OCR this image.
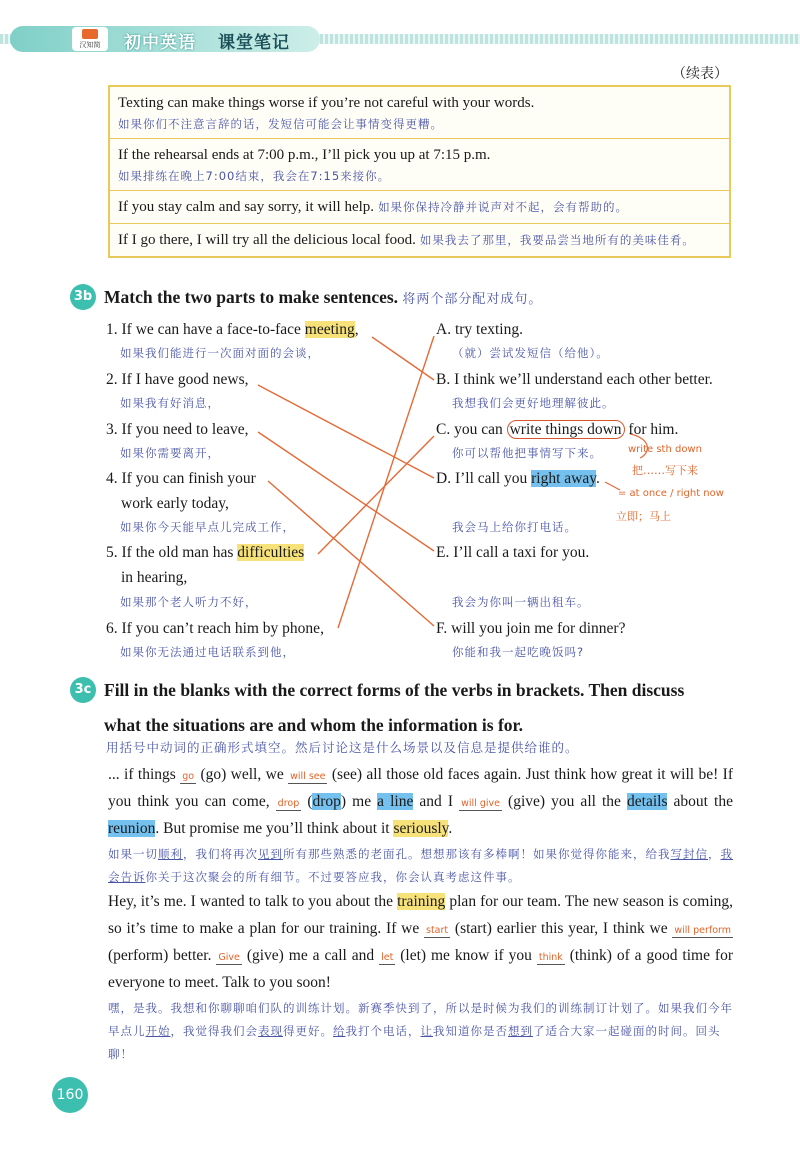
汉知简	初中英语 课堂笔记
（续表）
Texting can make things worse if you’re not careful with your words.
如果你们不注意言辞的话，发短信可能会让事情变得更糟。
If the rehearsal ends at 7:00 p.m., I’ll pick you up at 7:15 p.m.
如果排练在晚上7:00结束，我会在7:15来接你。
If you stay calm and say sorry, it will help. 如果你保持冷静并说声对不起，会有帮助的。
If I go there, I will try all the delicious local food. 如果我去了那里，我要品尝当地所有的美味佳肴。
3b Match the two parts to make sentences. 将两个部分配对成句。
1. If we can have a face-to-face meeting,
如果我们能进行一次面对面的会谈，
2. If I have good news,
如果我有好消息，
3. If you need to leave,
如果你需要离开，
4. If you can finish your
work early today,
如果你今天能早点儿完成工作，
5. If the old man has difficulties
in hearing,
如果那个老人听力不好，
6. If you can’t reach him by phone,
如果你无法通过电话联系到他，
A. try texting.
（就）尝试发短信（给他）。
B. I think we’ll understand each other better.
我想我们会更好地理解彼此。
C. you can write things down for him.
你可以帮他把事情写下来。
D. I’ll call you right away.
我会马上给你打电话。
E. I’ll call a taxi for you.
我会为你叫一辆出租车。
F. will you join me for dinner?
你能和我一起吃晚饭吗?
write sth down
把……写下来
= at once / right now
立即；马上
3c Fill in the blanks with the correct forms of the verbs in brackets. Then discuss
what the situations are and whom the information is for.
用括号中动词的正确形式填空。然后讨论这是什么场景以及信息是提供给谁的。
... if things go (go) well, we will see (see) all those old faces again. Just think how great it will be! If you think you can come, drop (drop) me a line and I will give (give) you all the details about the reunion. But promise me you’ll think about it seriously.
如果一切顺利，我们将再次见到所有那些熟悉的老面孔。想想那该有多棒啊！如果你觉得你能来，给我写封信，我会告诉你关于这次聚会的所有细节。不过要答应我，你会认真考虑这件事。
Hey, it’s me. I wanted to talk to you about the training plan for our team. The new season is coming, so it’s time to make a plan for our training. If we start (start) earlier this year, I think we will perform (perform) better. Give (give) me a call and let (let) me know if you think (think) of a good time for everyone to meet. Talk to you soon!
嘿，是我。我想和你聊聊咱们队的训练计划。新赛季快到了，所以是时候为我们的训练制订计划了。如果我们今年早点儿开始，我觉得我们会表现得更好。给我打个电话，让我知道你是否想到了适合大家一起碰面的时间。回头聊！
160
